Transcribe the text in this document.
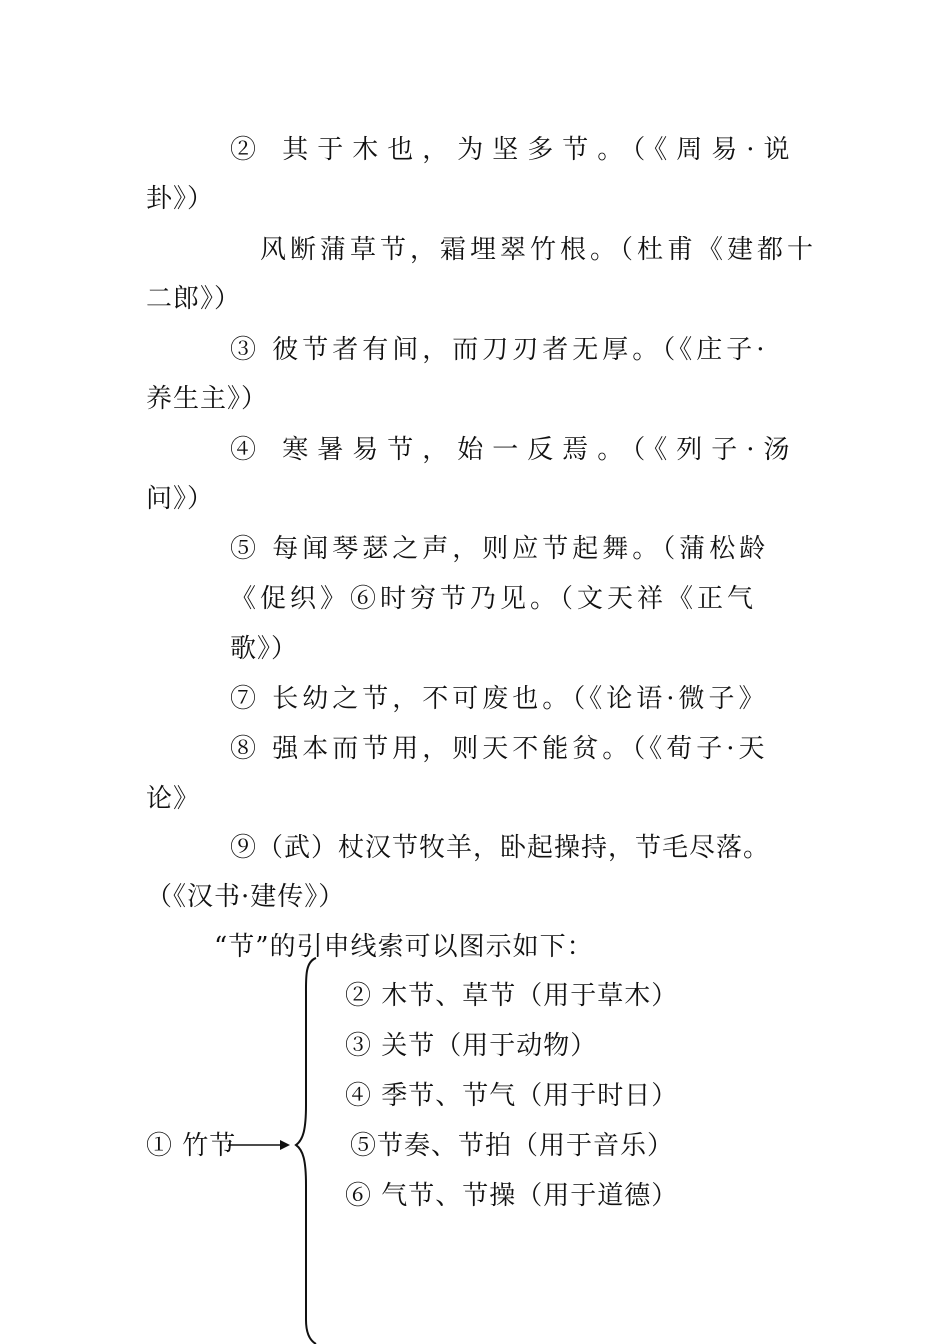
② 其于木也，为坚多节。（《周易·说
卦》）
风断蒲草节，霜埋翠竹根。（杜甫《建都十
二郎》）
③ 彼节者有间，而刀刃者无厚。（《庄子·
养生主》）
④ 寒暑易节，始一反焉。（《列子·汤
问》）
⑤ 每闻琴瑟之声，则应节起舞。（蒲松龄
《促织》⑥时穷节乃见。（文天祥《正气
歌》）
⑦ 长幼之节，不可废也。（《论语·微子》
⑧ 强本而节用，则天不能贫。（《荀子·天
论》
⑨（武）杖汉节牧羊，卧起操持，节毛尽落。
（《汉书·建传》）
“节”的引申线索可以图示如下：
① 竹节
② 木节、草节（用于草木）
③ 关节（用于动物）
④ 季节、节气（用于时日）
⑤节奏、节拍（用于音乐）
⑥ 气节、节操（用于道德）
